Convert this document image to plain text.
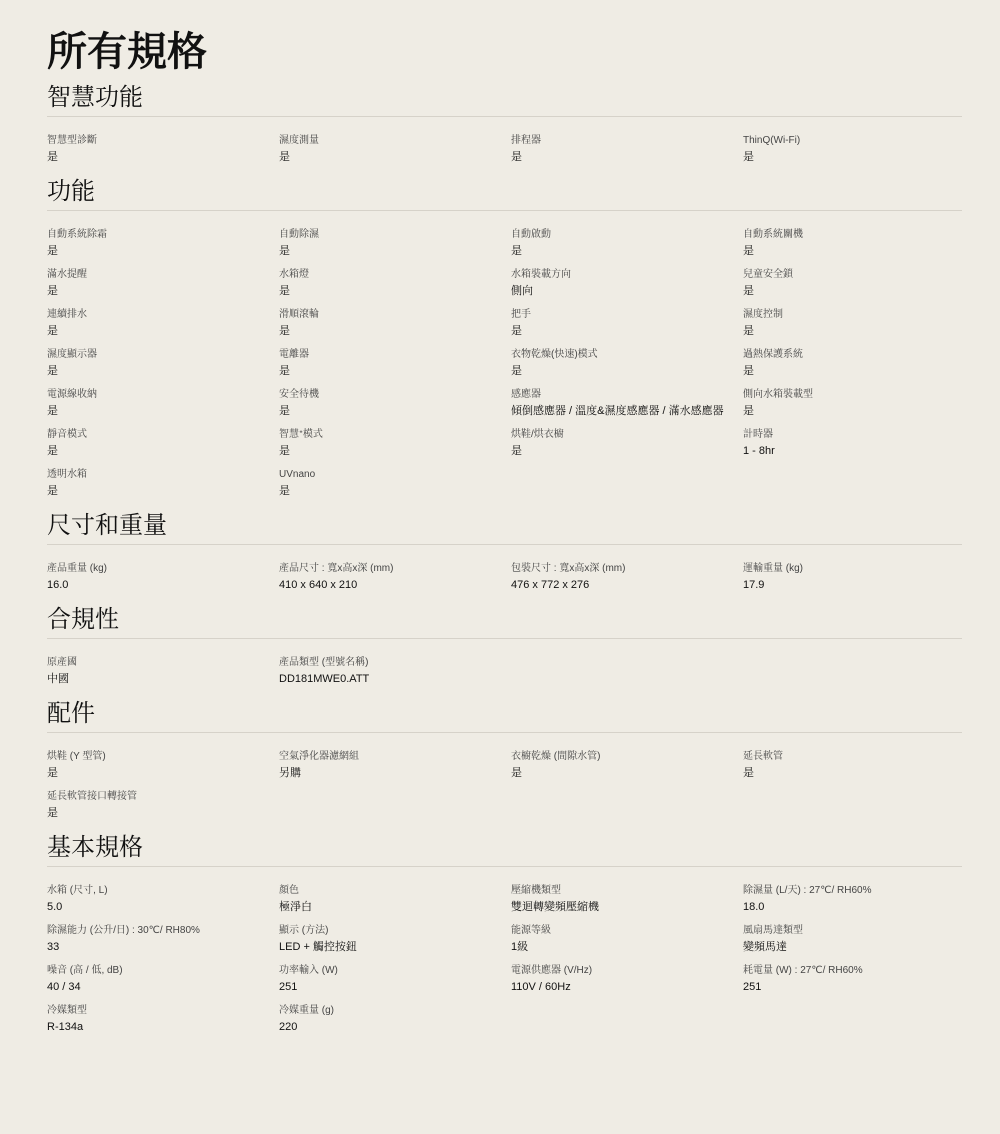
所有規格
智慧功能
智慧型診斷
是
濕度測量
是
排程器
是
ThinQ(Wi-Fi)
是
功能
自動系統除霜
是
自動除濕
是
自動啟動
是
自動系統關機
是
滿水提醒
是
水箱燈
是
水箱裝載方向
側向
兒童安全鎖
是
連續排水
是
滑順滾輪
是
把手
是
濕度控制
是
濕度顯示器
是
電離器
是
衣物乾燥(快速)模式
是
過熱保護系統
是
電源線收納
是
安全待機
是
感應器
傾倒感應器 / 溫度&濕度感應器 / 滿水感應器
側向水箱裝載型
是
靜音模式
是
智慧ᐩ模式
是
烘鞋/烘衣櫥
是
計時器
1 - 8hr
透明水箱
是
UVnano
是
尺寸和重量
產品重量 (kg)
16.0
產品尺寸 : 寬x高x深 (mm)
410 x 640 x 210
包裝尺寸 : 寬x高x深 (mm)
476 x 772 x 276
運輸重量 (kg)
17.9
合規性
原產國
中國
產品類型 (型號名稱)
DD181MWE0.ATT
配件
烘鞋 (Y 型管)
是
空氣淨化器濾網組
另購
衣櫥乾燥 (間隙水管)
是
延長軟管
是
延長軟管接口轉接管
是
基本規格
水箱 (尺寸, L)
5.0
顏色
極淨白
壓縮機類型
雙迴轉變頻壓縮機
除濕量 (L/天) : 27℃/ RH60%
18.0
除濕能力 (公升/日) : 30℃/ RH80%
33
顯示 (方法)
LED + 觸控按鈕
能源等級
1級
風扇馬達類型
變頻馬達
噪音 (高 / 低, dB)
40 / 34
功率輸入 (W)
251
電源供應器 (V/Hz)
110V / 60Hz
耗電量 (W) : 27℃/ RH60%
251
冷媒類型
R-134a
冷媒重量 (g)
220
